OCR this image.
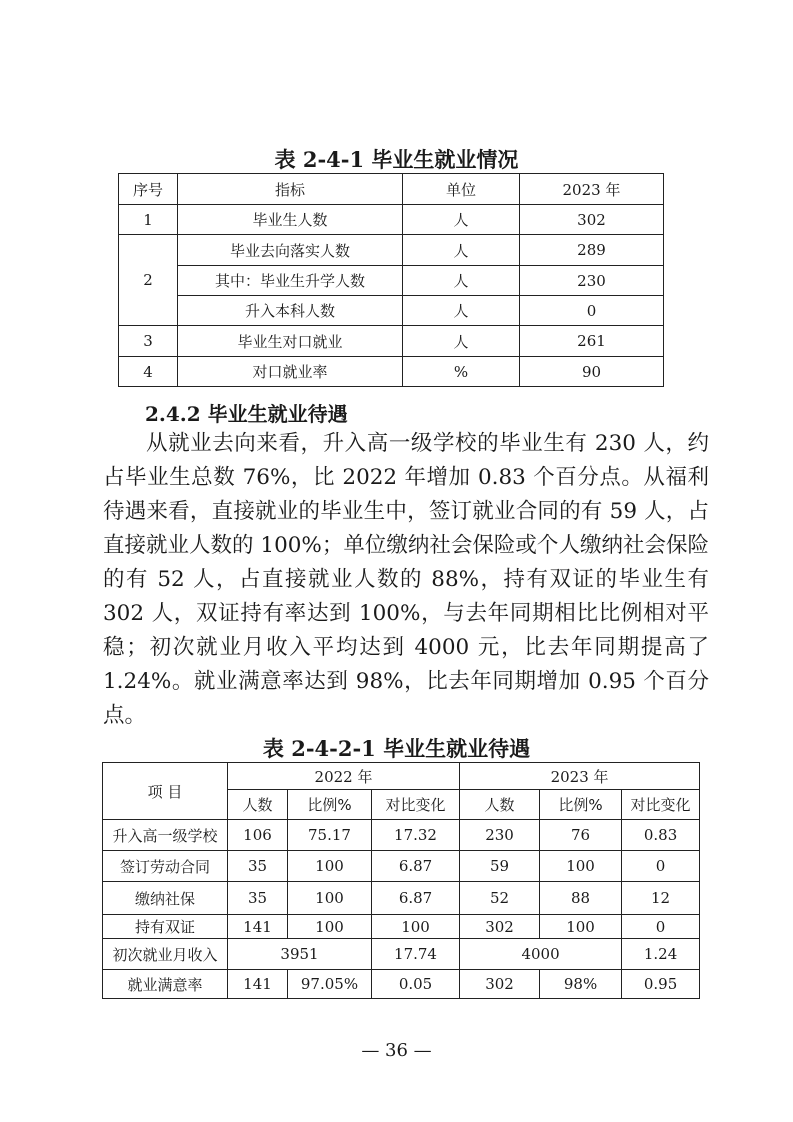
表 2-4-1 毕业生就业情况
序号	指标	单位	2023 年
1	毕业生人数	人	302
2	毕业去向落实人数	人	289
	其中：毕业生升学人数	人	230
	升入本科人数	人	0
3	毕业生对口就业	人	261
4	对口就业率	%	90
2.4.2 毕业生就业待遇

从就业去向来看，升入高一级学校的毕业生有 230 人，约占毕业生总数 76%，比 2022 年增加 0.83 个百分点。从福利待遇来看，直接就业的毕业生中，签订就业合同的有 59 人，占直接就业人数的 100%；单位缴纳社会保险或个人缴纳社会保险的有 52 人，占直接就业人数的 88%，持有双证的毕业生有 302 人，双证持有率达到 100%，与去年同期相比比例相对平稳；初次就业月收入平均达到 4000 元，比去年同期提高了 1.24%。就业满意率达到 98%，比去年同期增加 0.95 个百分点。

表 2-4-2-1 毕业生就业待遇
项 目	2022 年			2023 年		
	人数	比例%	对比变化	人数	比例%	对比变化
升入高一级学校	106	75.17	17.32	230	76	0.83
签订劳动合同	35	100	6.87	59	100	0
缴纳社保	35	100	6.87	52	88	12
持有双证	141	100	100	302	100	0
初次就业月收入	3951		17.74	4000		1.24
就业满意率	141	97.05%	0.05	302	98%	0.95
— 36 —
